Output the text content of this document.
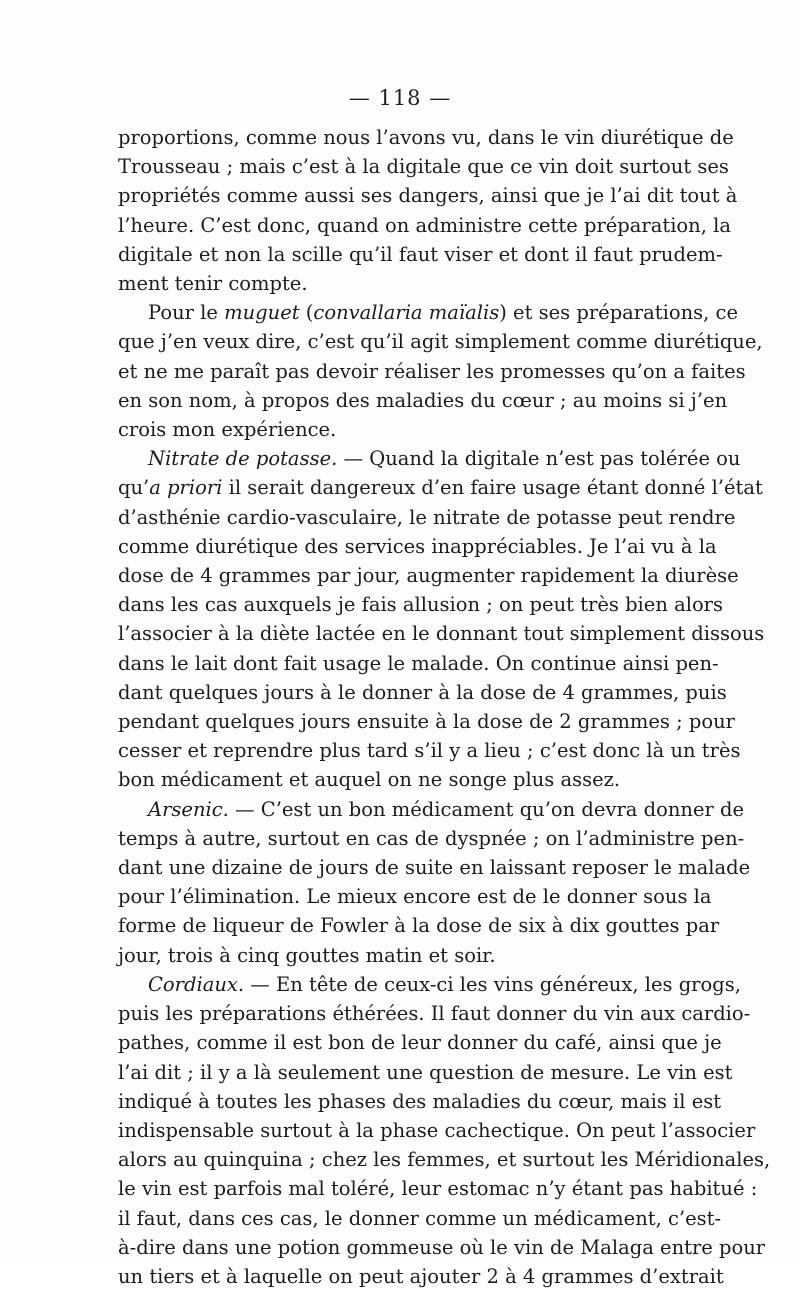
— 118 —

proportions, comme nous l’avons vu, dans le vin diurétique de
Trousseau ; mais c’est à la digitale que ce vin doit surtout ses
propriétés comme aussi ses dangers, ainsi que je l’ai dit tout à
l’heure. C’est donc, quand on administre cette préparation, la
digitale et non la scille qu’il faut viser et dont il faut prudem-
ment tenir compte.

Pour le muguet (convallaria maïalis) et ses préparations, ce
que j’en veux dire, c’est qu’il agit simplement comme diurétique,
et ne me paraît pas devoir réaliser les promesses qu’on a faites
en son nom, à propos des maladies du cœur ; au moins si j’en
crois mon expérience.

Nitrate de potasse. — Quand la digitale n’est pas tolérée ou
qu’a priori il serait dangereux d’en faire usage étant donné l’état
d’asthénie cardio-vasculaire, le nitrate de potasse peut rendre
comme diurétique des services inappréciables. Je l’ai vu à la
dose de 4 grammes par jour, augmenter rapidement la diurèse
dans les cas auxquels je fais allusion ; on peut très bien alors
l’associer à la diète lactée en le donnant tout simplement dissous
dans le lait dont fait usage le malade. On continue ainsi pen-
dant quelques jours à le donner à la dose de 4 grammes, puis
pendant quelques jours ensuite à la dose de 2 grammes ; pour
cesser et reprendre plus tard s’il y a lieu ; c’est donc là un très
bon médicament et auquel on ne songe plus assez.

Arsenic. — C’est un bon médicament qu’on devra donner de
temps à autre, surtout en cas de dyspnée ; on l’administre pen-
dant une dizaine de jours de suite en laissant reposer le malade
pour l’élimination. Le mieux encore est de le donner sous la
forme de liqueur de Fowler à la dose de six à dix gouttes par
jour, trois à cinq gouttes matin et soir.

Cordiaux. — En tête de ceux-ci les vins généreux, les grogs,
puis les préparations éthérées. Il faut donner du vin aux cardio-
pathes, comme il est bon de leur donner du café, ainsi que je
l’ai dit ; il y a là seulement une question de mesure. Le vin est
indiqué à toutes les phases des maladies du cœur, mais il est
indispensable surtout à la phase cachectique. On peut l’associer
alors au quinquina ; chez les femmes, et surtout les Méridionales,
le vin est parfois mal toléré, leur estomac n’y étant pas habitué :
il faut, dans ces cas, le donner comme un médicament, c’est-
à-dire dans une potion gommeuse où le vin de Malaga entre pour
un tiers et à laquelle on peut ajouter 2 à 4 grammes d’extrait
